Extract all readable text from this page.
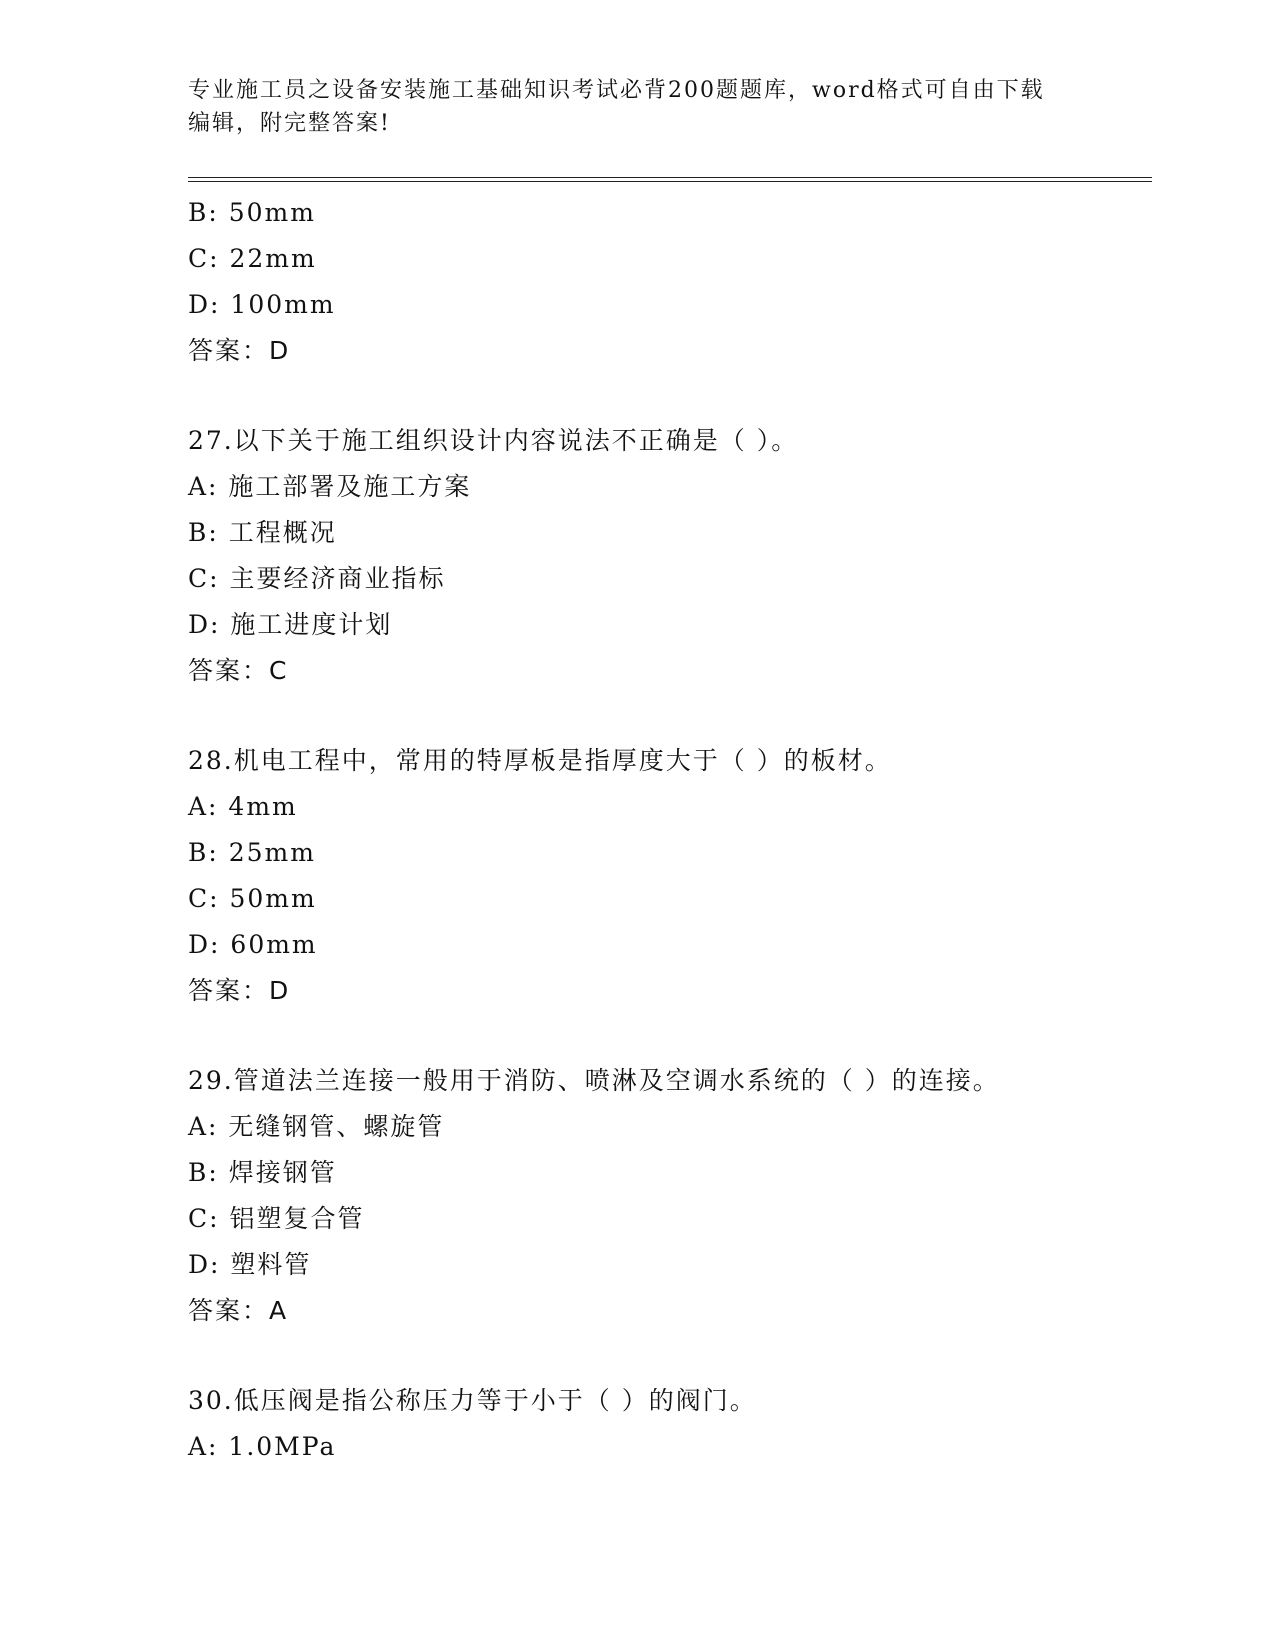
专业施工员之设备安装施工基础知识考试必背200题题库，word格式可自由下载
编辑，附完整答案!
B: 50mm
C: 22mm
D: 100mm
答案：D
27.以下关于施工组织设计内容说法不正确是（ ）。
A: 施工部署及施工方案
B: 工程概况
C: 主要经济商业指标
D: 施工进度计划
答案：C
28.机电工程中，常用的特厚板是指厚度大于（ ）的板材。
A: 4mm
B: 25mm
C: 50mm
D: 60mm
答案：D
29.管道法兰连接一般用于消防、喷淋及空调水系统的（ ）的连接。
A: 无缝钢管、螺旋管
B: 焊接钢管
C: 铝塑复合管
D: 塑料管
答案：A
30.低压阀是指公称压力等于小于（ ）的阀门。
A: 1.0MPa
